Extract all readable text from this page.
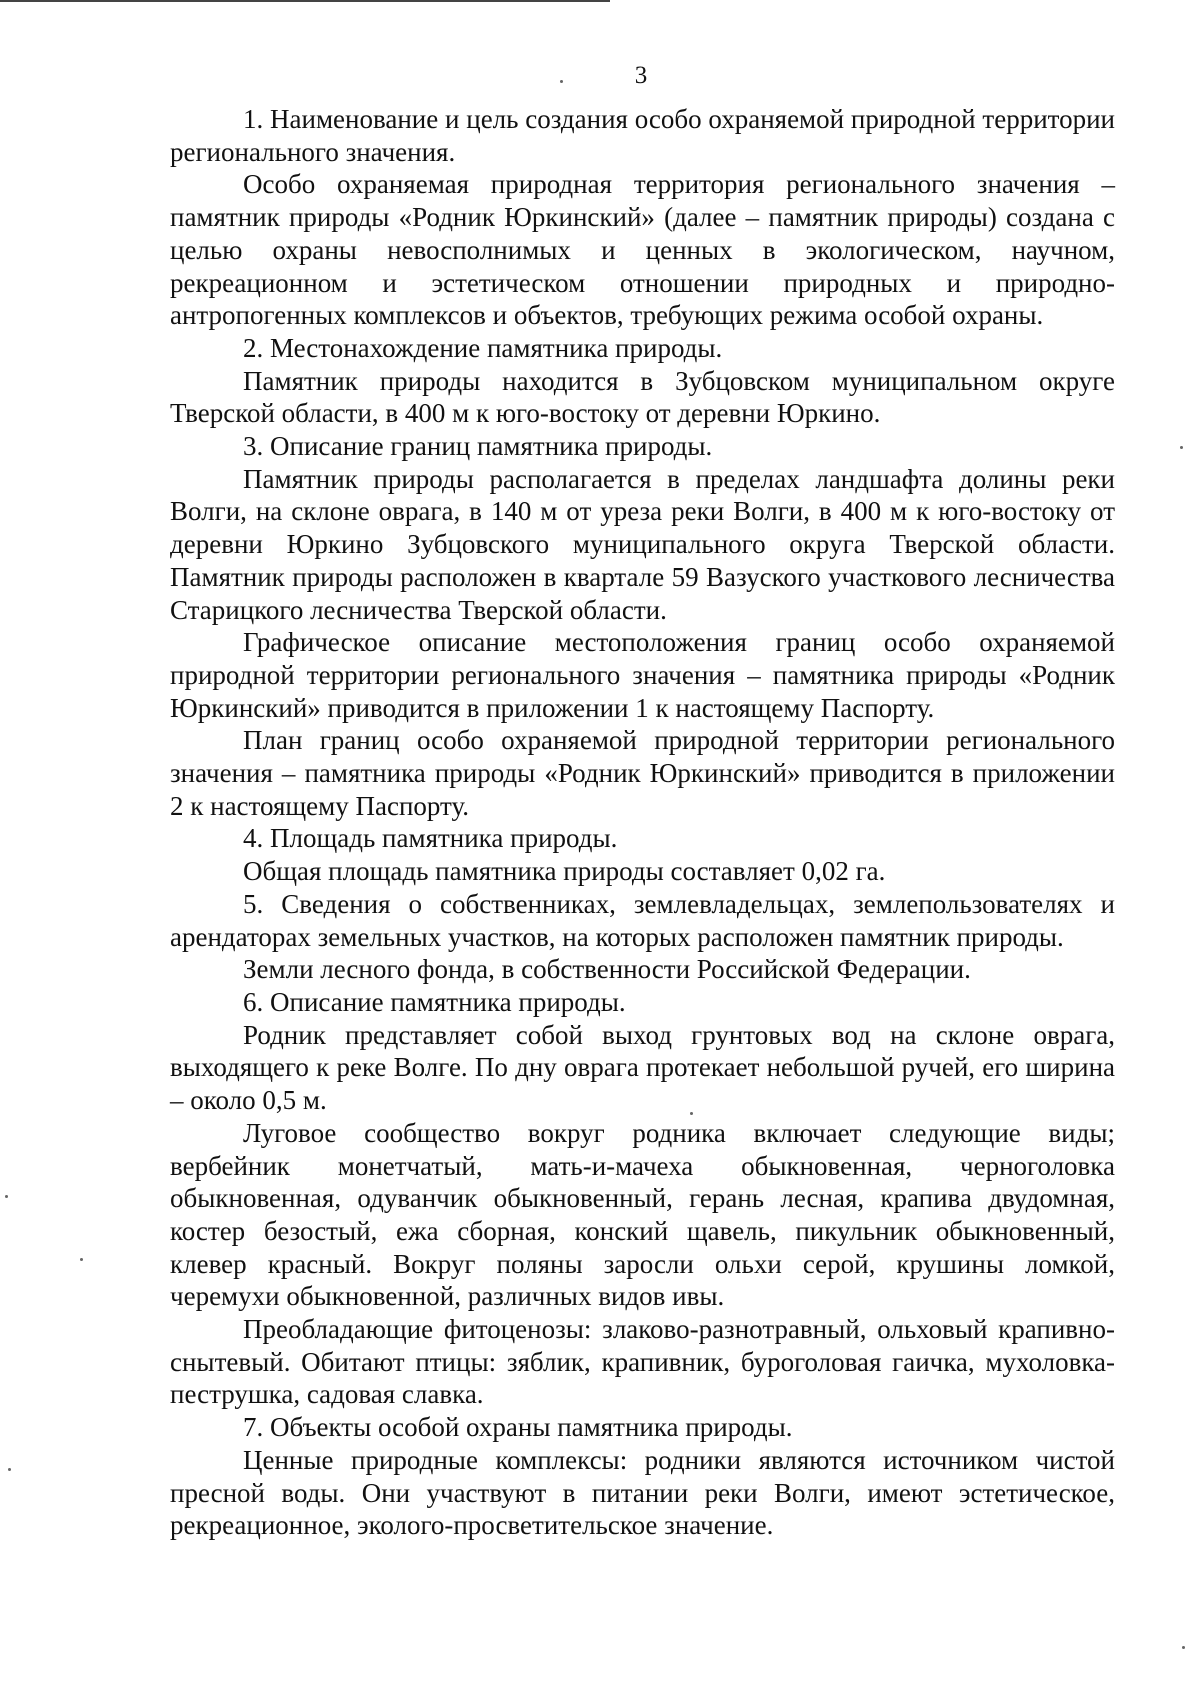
3

1. Наименование и цель создания особо охраняемой природной территории регионального значения.

Особо охраняемая природная территория регионального значения – памятник природы «Родник Юркинский» (далее – памятник природы) создана с целью охраны невосполнимых и ценных в экологическом, научном, рекреационном и эстетическом отношении природных и природно-антропогенных комплексов и объектов, требующих режима особой охраны.

2. Местонахождение памятника природы.

Памятник природы находится в Зубцовском муниципальном округе Тверской области, в 400 м к юго-востоку от деревни Юркино.

3. Описание границ памятника природы.

Памятник природы располагается в пределах ландшафта долины реки Волги, на склоне оврага, в 140 м от уреза реки Волги, в 400 м к юго-востоку от деревни Юркино Зубцовского муниципального округа Тверской области. Памятник природы расположен в квартале 59 Вазуского участкового лесничества Старицкого лесничества Тверской области.

Графическое описание местоположения границ особо охраняемой природной территории регионального значения – памятника природы «Родник Юркинский» приводится в приложении 1 к настоящему Паспорту.

План границ особо охраняемой природной территории регионального значения – памятника природы «Родник Юркинский» приводится в приложении 2 к настоящему Паспорту.

4. Площадь памятника природы.

Общая площадь памятника природы составляет 0,02 га.

5. Сведения о собственниках, землевладельцах, землепользователях и арендаторах земельных участков, на которых расположен памятник природы.

Земли лесного фонда, в собственности Российской Федерации.

6. Описание памятника природы.

Родник представляет собой выход грунтовых вод на склоне оврага, выходящего к реке Волге. По дну оврага протекает небольшой ручей, его ширина – около 0,5 м.

Луговое сообщество вокруг родника включает следующие виды; вербейник монетчатый, мать-и-мачеха обыкновенная, черноголовка обыкновенная, одуванчик обыкновенный, герань лесная, крапива двудомная, костер безостый, ежа сборная, конский щавель, пикульник обыкновенный, клевер красный. Вокруг поляны заросли ольхи серой, крушины ломкой, черемухи обыкновенной, различных видов ивы.

Преобладающие фитоценозы: злаково-разнотравный, ольховый крапивно-снытевый. Обитают птицы: зяблик, крапивник, буроголовая гаичка, мухоловка-пеструшка, садовая славка.

7. Объекты особой охраны памятника природы.

Ценные природные комплексы: родники являются источником чистой пресной воды. Они участвуют в питании реки Волги, имеют эстетическое, рекреационное, эколого-просветительское значение.
